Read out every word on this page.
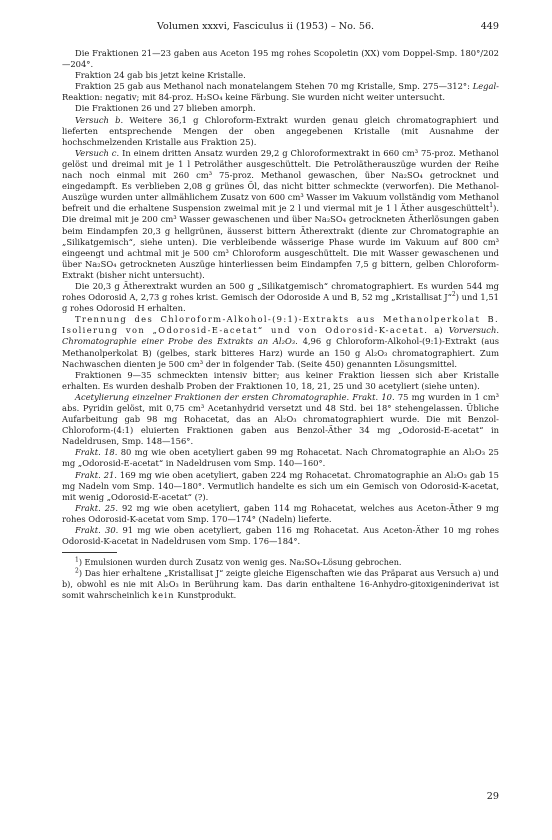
Volumen xxxvi, Fasciculus ii (1953) – No. 56.	449

Die Fraktionen 21—23 gaben aus Aceton 195 mg rohes Scopoletin (XX) vom Doppel-Smp. 180°/202—204°.

Fraktion 24 gab bis jetzt keine Kristalle.

Fraktion 25 gab aus Methanol nach monatelangem Stehen 70 mg Kristalle, Smp. 275—312°: Legal-Reaktion: negativ; mit 84-proz. H₂SO₄ keine Färbung. Sie wurden nicht weiter untersucht.

Die Fraktionen 26 und 27 blieben amorph.

Versuch b. Weitere 36,1 g Chloroform-Extrakt wurden genau gleich chromatographiert und lieferten entsprechende Mengen der oben angegebenen Kristalle (mit Ausnahme der hochschmelzenden Kristalle aus Fraktion 25).

Versuch c. In einem dritten Ansatz wurden 29,2 g Chloroformextrakt in 660 cm³ 75-proz. Methanol gelöst und dreimal mit je 1 l Petroläther ausgeschüttelt. Die Petrolätherauszüge wurden der Reihe nach noch einmal mit 260 cm³ 75-proz. Methanol gewaschen, über Na₂SO₄ getrocknet und eingedampft. Es verblieben 2,08 g grünes Öl, das nicht bitter schmeckte (verworfen). Die Methanol-Auszüge wurden unter allmählichem Zusatz von 600 cm³ Wasser im Vakuum vollständig vom Methanol befreit und die erhaltene Suspension zweimal mit je 2 l und viermal mit je 1 l Äther ausgeschüttelt$^1$). Die dreimal mit je 200 cm³ Wasser gewaschenen und über Na₂SO₄ getrockneten Ätherlösungen gaben beim Eindampfen 20,3 g hellgrünen, äusserst bittern Ätherextrakt (diente zur Chromatographie an „Silikatgemisch“, siehe unten). Die verbleibende wässerige Phase wurde im Vakuum auf 800 cm³ eingeengt und achtmal mit je 500 cm³ Chloroform ausgeschüttelt. Die mit Wasser gewaschenen und über Na₂SO₄ getrockneten Auszüge hinterliessen beim Eindampfen 7,5 g bittern, gelben Chloroform-Extrakt (bisher nicht untersucht).

Die 20,3 g Ätherextrakt wurden an 500 g „Silikatgemisch“ chromatographiert. Es wurden 544 mg rohes Odorosid A, 2,73 g rohes krist. Gemisch der Odoroside A und B, 52 mg „Kristallisat J“$^2$) und 1,51 g rohes Odorosid H erhalten.

Trennung des Chloroform-Alkohol-(9:1)-Extrakts aus Methanolperkolat B. Isolierung von „Odorosid-E-acetat“ und von Odorosid-K-acetat. a) Vorversuch. Chromatographie einer Probe des Extrakts an Al₂O₃. 4,96 g Chloroform-Alkohol-(9:1)-Extrakt (aus Methanolperkolat B) (gelbes, stark bitteres Harz) wurde an 150 g Al₂O₃ chromatographiert. Zum Nachwaschen dienten je 500 cm³ der in folgender Tab. (Seite 450) genannten Lösungsmittel.

Fraktionen 9—35 schmeckten intensiv bitter; aus keiner Fraktion liessen sich aber Kristalle erhalten. Es wurden deshalb Proben der Fraktionen 10, 18, 21, 25 und 30 acetyliert (siehe unten).

Acetylierung einzelner Fraktionen der ersten Chromatographie. Frakt. 10. 75 mg wurden in 1 cm³ abs. Pyridin gelöst, mit 0,75 cm³ Acetanhydrid versetzt und 48 Std. bei 18° stehengelassen. Übliche Aufarbeitung gab 98 mg Rohacetat, das an Al₂O₃ chromatographiert wurde. Die mit Benzol-Chloroform-(4:1) eluierten Fraktionen gaben aus Benzol-Äther 34 mg „Odorosid-E-acetat“ in Nadeldrusen, Smp. 148—156°.

Frakt. 18. 80 mg wie oben acetyliert gaben 99 mg Rohacetat. Nach Chromatographie an Al₂O₃ 25 mg „Odorosid-E-acetat“ in Nadeldrusen vom Smp. 140—160°.

Frakt. 21. 169 mg wie oben acetyliert, gaben 224 mg Rohacetat. Chromatographie an Al₂O₃ gab 15 mg Nadeln vom Smp. 140—180°. Vermutlich handelte es sich um ein Gemisch von Odorosid-K-acetat, mit wenig „Odorosid-E-acetat“ (?).

Frakt. 25. 92 mg wie oben acetyliert, gaben 114 mg Rohacetat, welches aus Aceton-Äther 9 mg rohes Odorosid-K-acetat vom Smp. 170—174° (Nadeln) lieferte.

Frakt. 30. 91 mg wie oben acetyliert, gaben 116 mg Rohacetat. Aus Aceton-Äther 10 mg rohes Odorosid-K-acetat in Nadeldrusen vom Smp. 176—184°.

$^1$) Emulsionen wurden durch Zusatz von wenig ges. Na₂SO₄-Lösung gebrochen.

$^2$) Das hier erhaltene „Kristallisat J“ zeigte gleiche Eigenschaften wie das Präparat aus Versuch a) und b), obwohl es nie mit Al₂O₃ in Berührung kam. Das darin enthaltene 16-Anhydro-gitoxigeninderivat ist somit wahrscheinlich kein Kunstprodukt.

29
